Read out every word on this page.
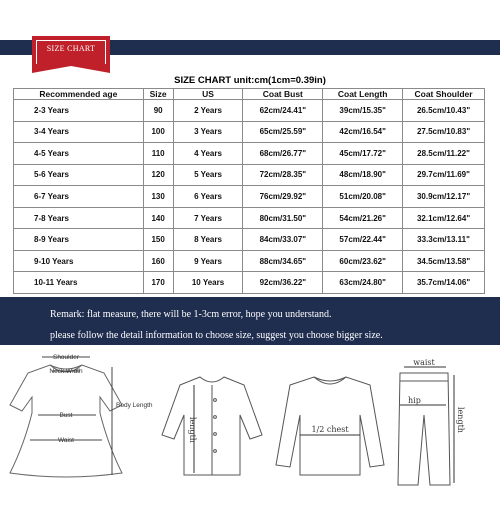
SIZE CHART
SIZE CHART unit:cm(1cm=0.39in)
Recommended age	Size	US	Coat Bust	Coat Length	Coat Shoulder
2-3 Years	90	2 Years	62cm/24.41"	39cm/15.35"	26.5cm/10.43"
3-4 Years	100	3 Years	65cm/25.59"	42cm/16.54"	27.5cm/10.83"
4-5 Years	110	4 Years	68cm/26.77"	45cm/17.72"	28.5cm/11.22"
5-6 Years	120	5 Years	72cm/28.35"	48cm/18.90"	29.7cm/11.69"
6-7 Years	130	6 Years	76cm/29.92"	51cm/20.08"	30.9cm/12.17"
7-8 Years	140	7 Years	80cm/31.50"	54cm/21.26"	32.1cm/12.64"
8-9 Years	150	8 Years	84cm/33.07"	57cm/22.44"	33.3cm/13.11"
9-10 Years	160	9 Years	88cm/34.65"	60cm/23.62"	34.5cm/13.58"
10-11 Years	170	10 Years	92cm/36.22"	63cm/24.80"	35.7cm/14.06"
Remark: flat measure, there will be 1-3cm error, hope you understand.
please follow the detail information to choose size, suggest you choose bigger size.
Shoulder
Neck Width
Bust
Waist
Body Length
length	1/2 chest
waist
hip
length
